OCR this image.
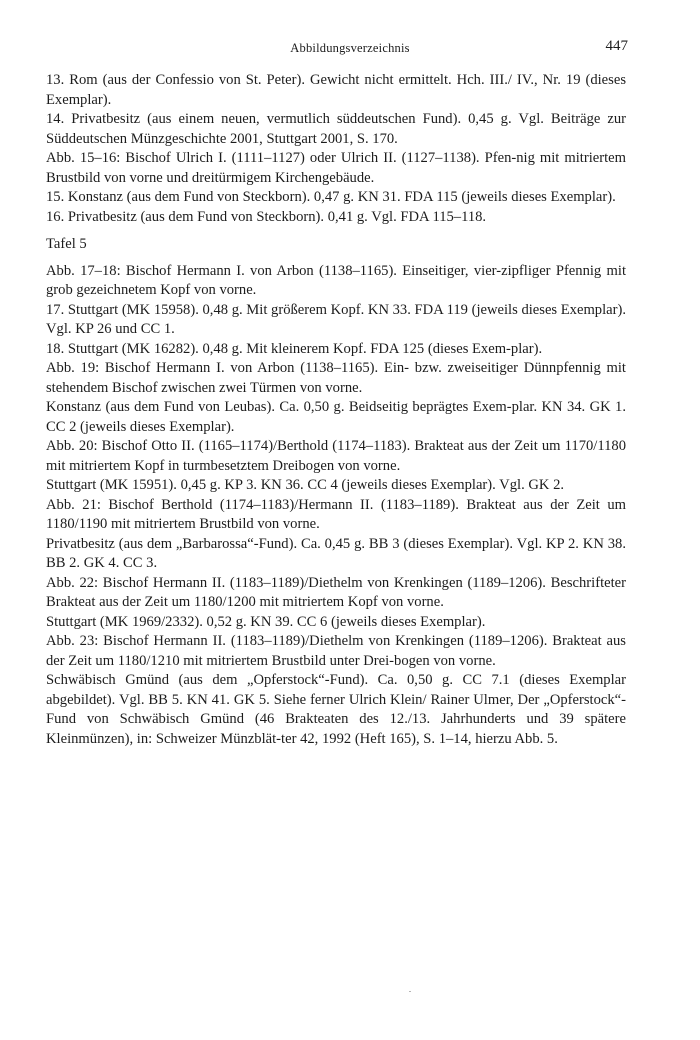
Abbildungsverzeichnis	447

13. Rom (aus der Confessio von St. Peter). Gewicht nicht ermittelt. Hch. III./ IV., Nr. 19 (dieses Exemplar).

14. Privatbesitz (aus einem neuen, vermutlich süddeutschen Fund). 0,45 g. Vgl. Beiträge zur Süddeutschen Münzgeschichte 2001, Stuttgart 2001, S. 170.

Abb. 15–16: Bischof Ulrich I. (1111–1127) oder Ulrich II. (1127–1138). Pfen-nig mit mitriertem Brustbild von vorne und dreitürmigem Kirchengebäude.

15. Konstanz (aus dem Fund von Steckborn). 0,47 g. KN 31. FDA 115 (jeweils dieses Exemplar).

16. Privatbesitz (aus dem Fund von Steckborn). 0,41 g. Vgl. FDA 115–118.

Tafel 5

Abb. 17–18: Bischof Hermann I. von Arbon (1138–1165). Einseitiger, vier-zipfliger Pfennig mit grob gezeichnetem Kopf von vorne.

17. Stuttgart (MK 15958). 0,48 g. Mit größerem Kopf. KN 33. FDA 119 (jeweils dieses Exemplar). Vgl. KP 26 und CC 1.

18. Stuttgart (MK 16282). 0,48 g. Mit kleinerem Kopf. FDA 125 (dieses Exem-plar).

Abb. 19: Bischof Hermann I. von Arbon (1138–1165). Ein- bzw. zweiseitiger Dünnpfennig mit stehendem Bischof zwischen zwei Türmen von vorne.

Konstanz (aus dem Fund von Leubas). Ca. 0,50 g. Beidseitig beprägtes Exem-plar. KN 34. GK 1. CC 2 (jeweils dieses Exemplar).

Abb. 20: Bischof Otto II. (1165–1174)/Berthold (1174–1183). Brakteat aus der Zeit um 1170/1180 mit mitriertem Kopf in turmbesetztem Dreibogen von vorne.

Stuttgart (MK 15951). 0,45 g. KP 3. KN 36. CC 4 (jeweils dieses Exemplar). Vgl. GK 2.

Abb. 21: Bischof Berthold (1174–1183)/Hermann II. (1183–1189). Brakteat aus der Zeit um 1180/1190 mit mitriertem Brustbild von vorne.

Privatbesitz (aus dem „Barbarossa“-Fund). Ca. 0,45 g. BB 3 (dieses Exemplar). Vgl. KP 2. KN 38. BB 2. GK 4. CC 3.

Abb. 22: Bischof Hermann II. (1183–1189)/Diethelm von Krenkingen (1189–1206). Beschrifteter Brakteat aus der Zeit um 1180/1200 mit mitriertem Kopf von vorne.

Stuttgart (MK 1969/2332). 0,52 g. KN 39. CC 6 (jeweils dieses Exemplar).

Abb. 23: Bischof Hermann II. (1183–1189)/Diethelm von Krenkingen (1189–1206). Brakteat aus der Zeit um 1180/1210 mit mitriertem Brustbild unter Drei-bogen von vorne.

Schwäbisch Gmünd (aus dem „Opferstock“-Fund). Ca. 0,50 g. CC 7.1 (dieses Exemplar abgebildet). Vgl. BB 5. KN 41. GK 5. Siehe ferner Ulrich Klein/ Rainer Ulmer, Der „Opferstock“-Fund von Schwäbisch Gmünd (46 Brakteaten des 12./13. Jahrhunderts und 39 spätere Kleinmünzen), in: Schweizer Münzblät-ter 42, 1992 (Heft 165), S. 1–14, hierzu Abb. 5.
